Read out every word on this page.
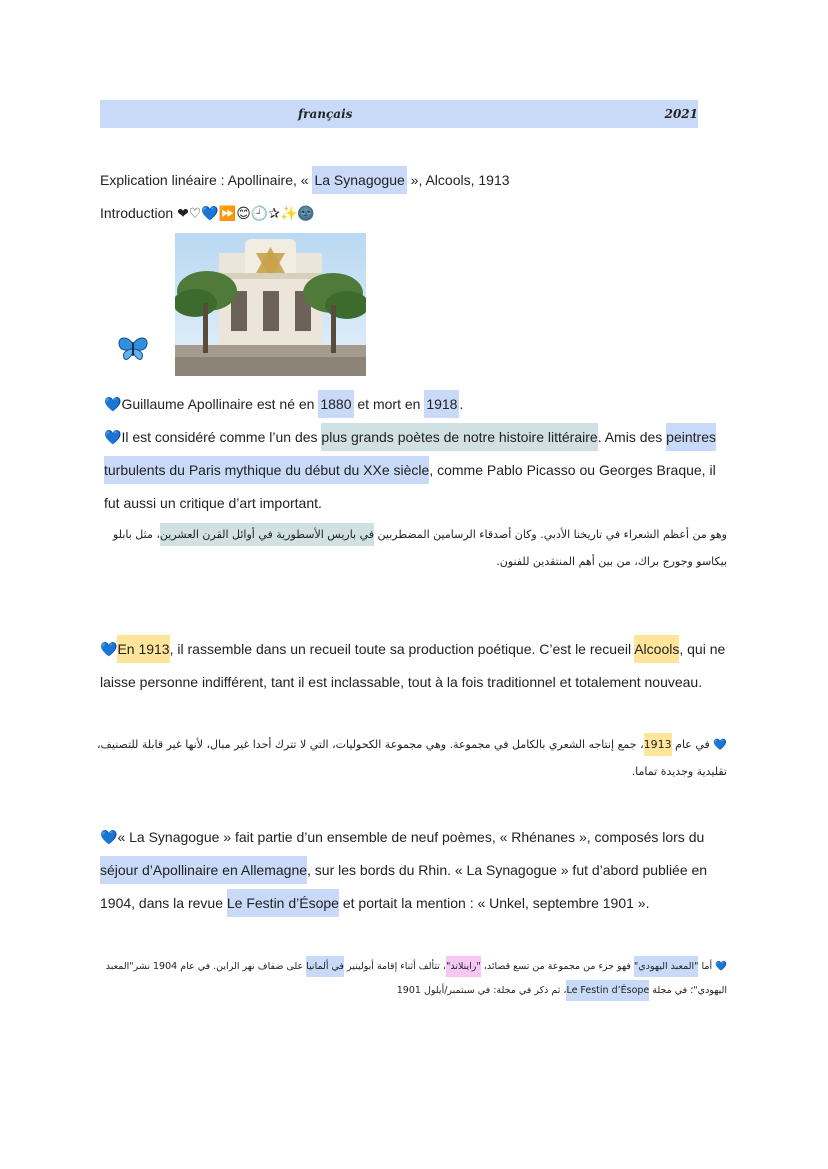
français	2021
Explication linéaire : Apollinaire, « La Synagogue », Alcools, 1913
Introduction ❤♡💙⏩😊🕘✰✨🌚
💙Guillaume Apollinaire est né en 1880 et mort en 1918 .
💙Il est considéré comme l’un des plus grands poètes de notre histoire littéraire. Amis des peintres turbulents du Paris mythique du début du XXe siècle, comme Pablo Picasso ou Georges Braque, il fut aussi un critique d’art important.
وهو من أعظم الشعراء في تاريخنا الأدبي. وكان أصدقاء الرسامين المضطربين في باريس الأسطورية في أوائل القرن العشرين، مثل بابلو بيكاسو وجورج براك، من بين أهم المنتقدين للفنون.
💙En 1913, il rassemble dans un recueil toute sa production poétique. C’est le recueil Alcools, qui ne laisse personne indifférent, tant il est inclassable, tout à la fois traditionnel et totalement nouveau.
💙 في عام 1913، جمع إنتاجه الشعري بالكامل في مجموعة. وهي مجموعة الكحوليات، التي لا تترك أحدا غير مبال، لأنها غير قابلة للتصنيف، تقليدية وجديدة تماما.
💙« La Synagogue » fait partie d’un ensemble de neuf poèmes, « Rhénanes », composés lors du séjour d’Apollinaire en Allemagne, sur les bords du Rhin. « La Synagogue » fut d’abord publiée en 1904, dans la revue Le Festin d’Ésope et portait la mention : « Unkel, septembre 1901 ».
💙 أما "المعبد اليهودي" فهو جزء من مجموعة من تسع قصائد، "راينلاند"، تتألف أثناء إقامة أبولينير في ألمانيا على ضفاف نهر الراين. في عام 1904 نشر"المعبد اليهودي"؛ في مجلة Le Festin d’Ésope، ثم ذكر في مجلة: في سبتمبر/أيلول 1901
